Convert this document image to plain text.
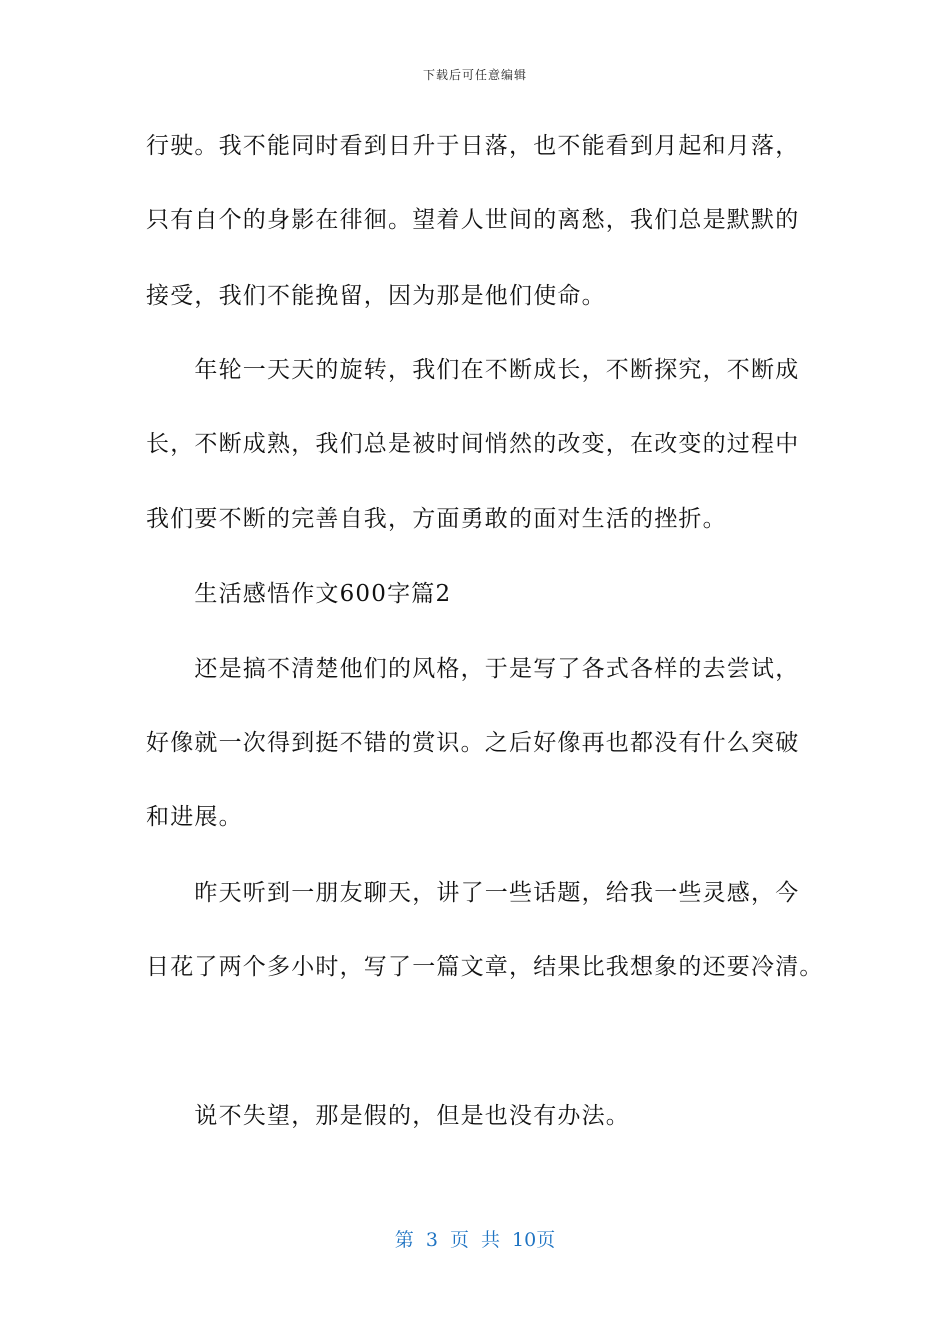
下载后可任意编辑
行驶。我不能同时看到日升于日落，也不能看到月起和月落，
只有自个的身影在徘徊。望着人世间的离愁，我们总是默默的
接受，我们不能挽留，因为那是他们使命。
　　年轮一天天的旋转，我们在不断成长，不断探究，不断成
长，不断成熟，我们总是被时间悄然的改变，在改变的过程中
我们要不断的完善自我，方面勇敢的面对生活的挫折。
　　生活感悟作文600字篇2
　　还是搞不清楚他们的风格，于是写了各式各样的去尝试，
好像就一次得到挺不错的赏识。之后好像再也都没有什么突破
和进展。
　　昨天听到一朋友聊天，讲了一些话题，给我一些灵感，今
日花了两个多小时，写了一篇文章，结果比我想象的还要冷清。
　　说不失望，那是假的，但是也没有办法。
第 3 页 共 10页
